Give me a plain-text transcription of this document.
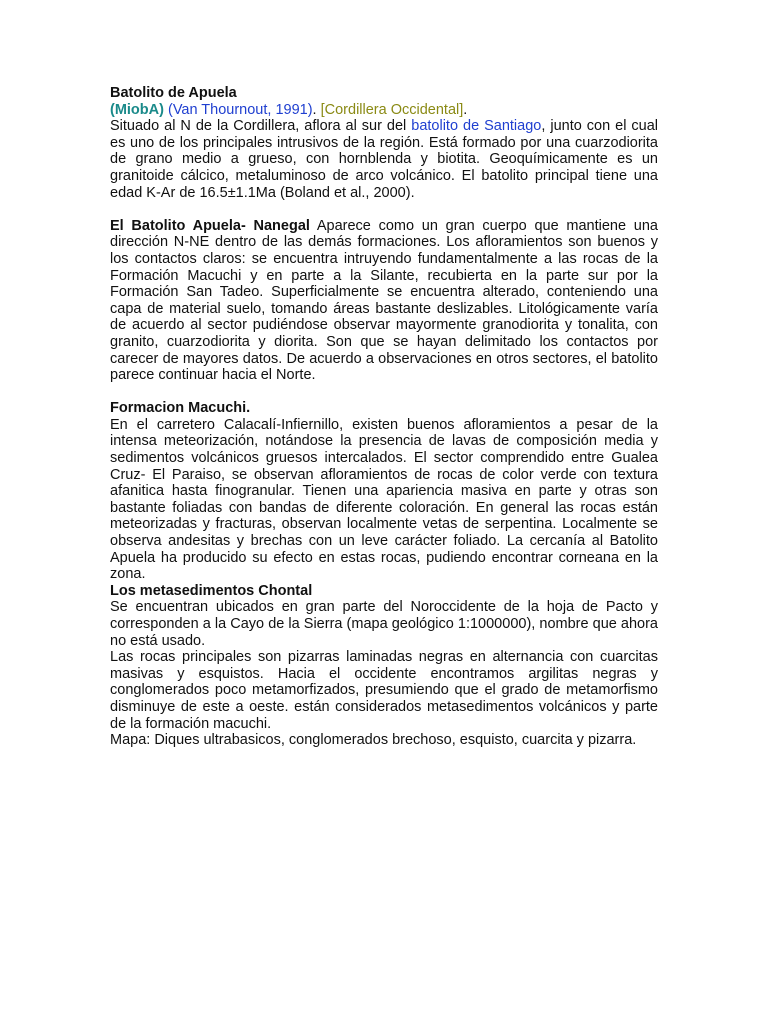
Batolito de Apuela

(MiobA) (Van Thournout, 1991). [Cordillera Occidental].

Situado al N de la Cordillera, aflora al sur del batolito de Santiago, junto con el cual es uno de los principales intrusivos de la región. Está formado por una cuarzodiorita de grano medio a grueso, con hornblenda y biotita. Geoquímicamente es un granitoide cálcico, metaluminoso de arco volcánico. El batolito principal tiene una edad K-Ar de 16.5±1.1Ma (Boland et al., 2000).

El Batolito Apuela- Nanegal Aparece como un gran cuerpo que mantiene una dirección N-NE dentro de las demás formaciones. Los afloramientos son buenos y los contactos claros: se encuentra intruyendo fundamentalmente a las rocas de la Formación Macuchi y en parte a la Silante, recubierta en la parte sur por la Formación San Tadeo. Superficialmente se encuentra alterado, conteniendo una capa de material suelo, tomando áreas bastante deslizables. Litológicamente varía de acuerdo al sector pudiéndose observar mayormente granodiorita y tonalita, con granito, cuarzodiorita y diorita. Son que se hayan delimitado los contactos por carecer de mayores datos. De acuerdo a observaciones en otros sectores, el batolito parece continuar hacia el Norte.

Formacion Macuchi.

En el carretero Calacalí-Infiernillo, existen buenos afloramientos a pesar de la intensa meteorización, notándose la presencia de lavas de composición media y sedimentos volcánicos gruesos intercalados. El sector comprendido entre Gualea Cruz- El Paraiso, se observan afloramientos de rocas de color verde con textura afanitica hasta finogranular. Tienen una apariencia masiva en parte y otras son bastante foliadas con bandas de diferente coloración. En general las rocas están meteorizadas y fracturas, observan localmente vetas de serpentina. Localmente se observa andesitas y brechas con un leve carácter foliado. La cercanía al Batolito Apuela ha producido su efecto en estas rocas, pudiendo encontrar corneana en la zona.

Los metasedimentos Chontal

Se encuentran ubicados en gran parte del Noroccidente de la hoja de Pacto y corresponden a la Cayo de la Sierra (mapa geológico 1:1000000), nombre que ahora no está usado.

Las rocas principales son pizarras laminadas negras en alternancia con cuarcitas masivas y esquistos. Hacia el occidente encontramos argilitas negras y conglomerados poco metamorfizados, presumiendo que el grado de metamorfismo disminuye de este a oeste. están considerados metasedimentos volcánicos y parte de la formación macuchi.

Mapa: Diques ultrabasicos, conglomerados brechoso, esquisto, cuarcita y pizarra.
